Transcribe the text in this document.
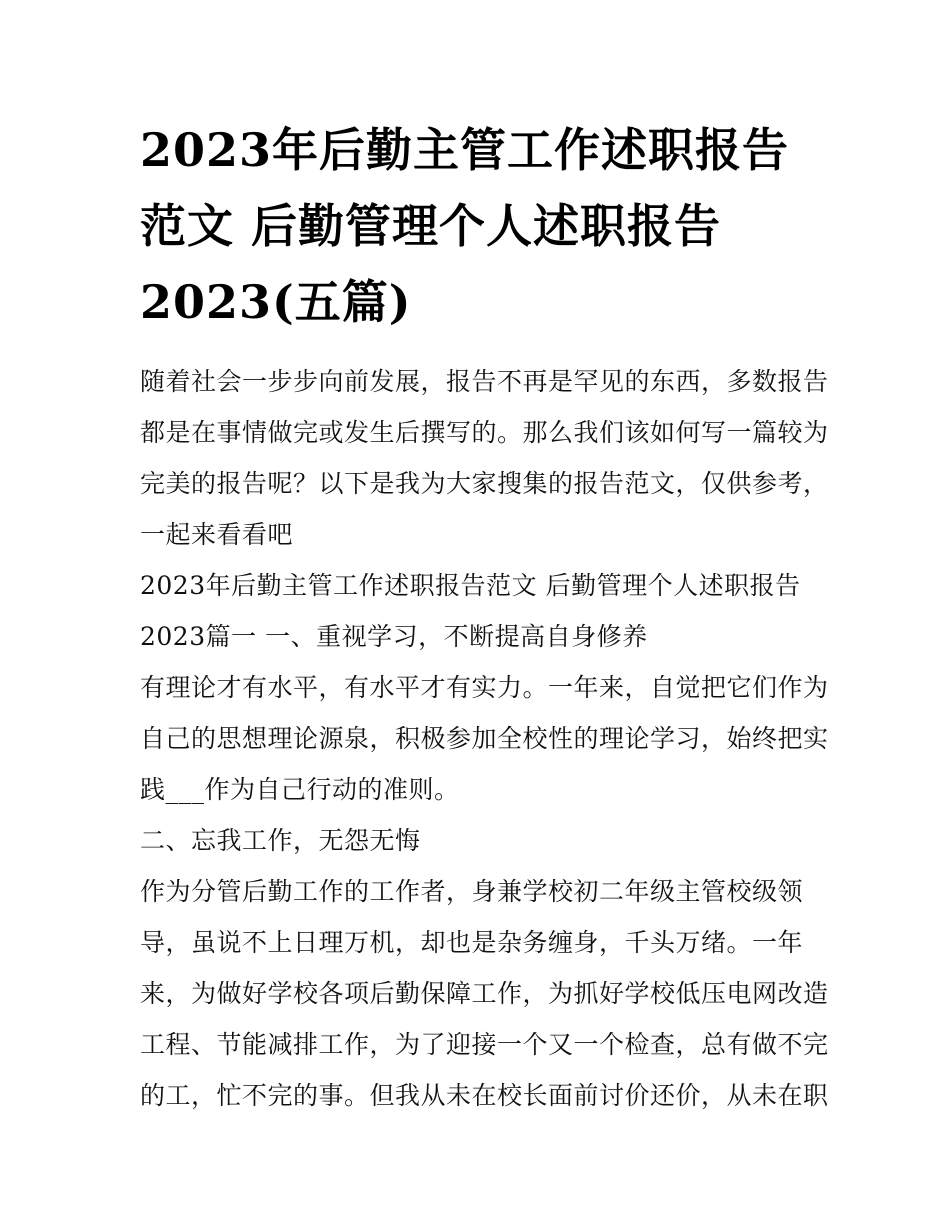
2023年后勤主管工作述职报告
范文 后勤管理个人述职报告
2023(五篇)

随着社会一步步向前发展，报告不再是罕见的东西，多数报告
都是在事情做完或发生后撰写的。那么我们该如何写一篇较为
完美的报告呢？以下是我为大家搜集的报告范文，仅供参考，
一起来看看吧

2023年后勤主管工作述职报告范文 后勤管理个人述职报告
2023篇一 一、重视学习，不断提高自身修养

有理论才有水平，有水平才有实力。一年来，自觉把它们作为
自己的思想理论源泉，积极参加全校性的理论学习，始终把实
践___作为自己行动的准则。

二、忘我工作，无怨无悔

作为分管后勤工作的工作者，身兼学校初二年级主管校级领
导，虽说不上日理万机，却也是杂务缠身，千头万绪。一年
来，为做好学校各项后勤保障工作，为抓好学校低压电网改造
工程、节能减排工作，为了迎接一个又一个检查，总有做不完
的工，忙不完的事。但我从未在校长面前讨价还价，从未在职
